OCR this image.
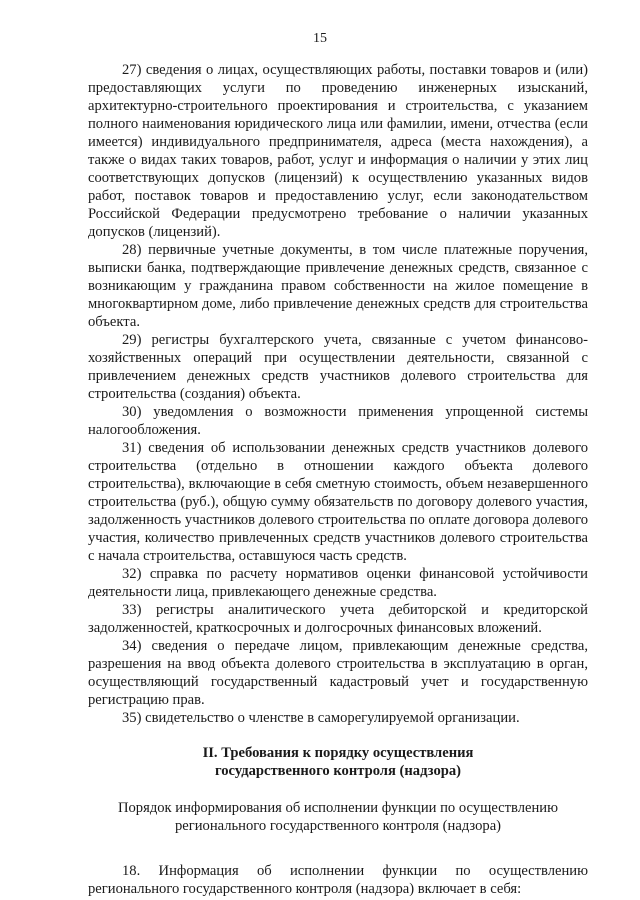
15

27) сведения о лицах, осуществляющих работы, поставки товаров и (или) предоставляющих услуги по проведению инженерных изысканий, архитектурно-строительного проектирования и строительства, с указанием полного наименования юридического лица или фамилии, имени, отчества (если имеется) индивидуального предпринимателя, адреса (места нахождения), а также о видах таких товаров, работ, услуг и информация о наличии у этих лиц соответствующих допусков (лицензий) к осуществлению указанных видов работ, поставок товаров и предоставлению услуг, если законодательством Российской Федерации предусмотрено требование о наличии указанных допусков (лицензий).

28) первичные учетные документы, в том числе платежные поручения, выписки банка, подтверждающие привлечение денежных средств, связанное с возникающим у гражданина правом собственности на жилое помещение в многоквартирном доме, либо привлечение денежных средств для строительства объекта.

29) регистры бухгалтерского учета, связанные с учетом финансово-хозяйственных операций при осуществлении деятельности, связанной с привлечением денежных средств участников долевого строительства для строительства (создания) объекта.

30) уведомления о возможности применения упрощенной системы налогообложения.

31) сведения об использовании денежных средств участников долевого строительства (отдельно в отношении каждого объекта долевого строительства), включающие в себя сметную стоимость, объем незавершенного строительства (руб.), общую сумму обязательств по договору долевого участия, задолженность участников долевого строительства по оплате договора долевого участия, количество привлеченных средств участников долевого строительства с начала строительства, оставшуюся часть средств.

32) справка по расчету нормативов оценки финансовой устойчивости деятельности лица, привлекающего денежные средства.

33) регистры аналитического учета дебиторской и кредиторской задолженностей, краткосрочных и долгосрочных финансовых вложений.

34) сведения о передаче лицом, привлекающим денежные средства, разрешения на ввод объекта долевого строительства в эксплуатацию в орган, осуществляющий государственный кадастровый учет и государственную регистрацию прав.

35) свидетельство о членстве в саморегулируемой организации.

II. Требования к порядку осуществления
государственного контроля (надзора)
Порядок информирования об исполнении функции по осуществлению
регионального государственного контроля (надзора)

18. Информация об исполнении функции по осуществлению регионального государственного контроля (надзора) включает в себя:
